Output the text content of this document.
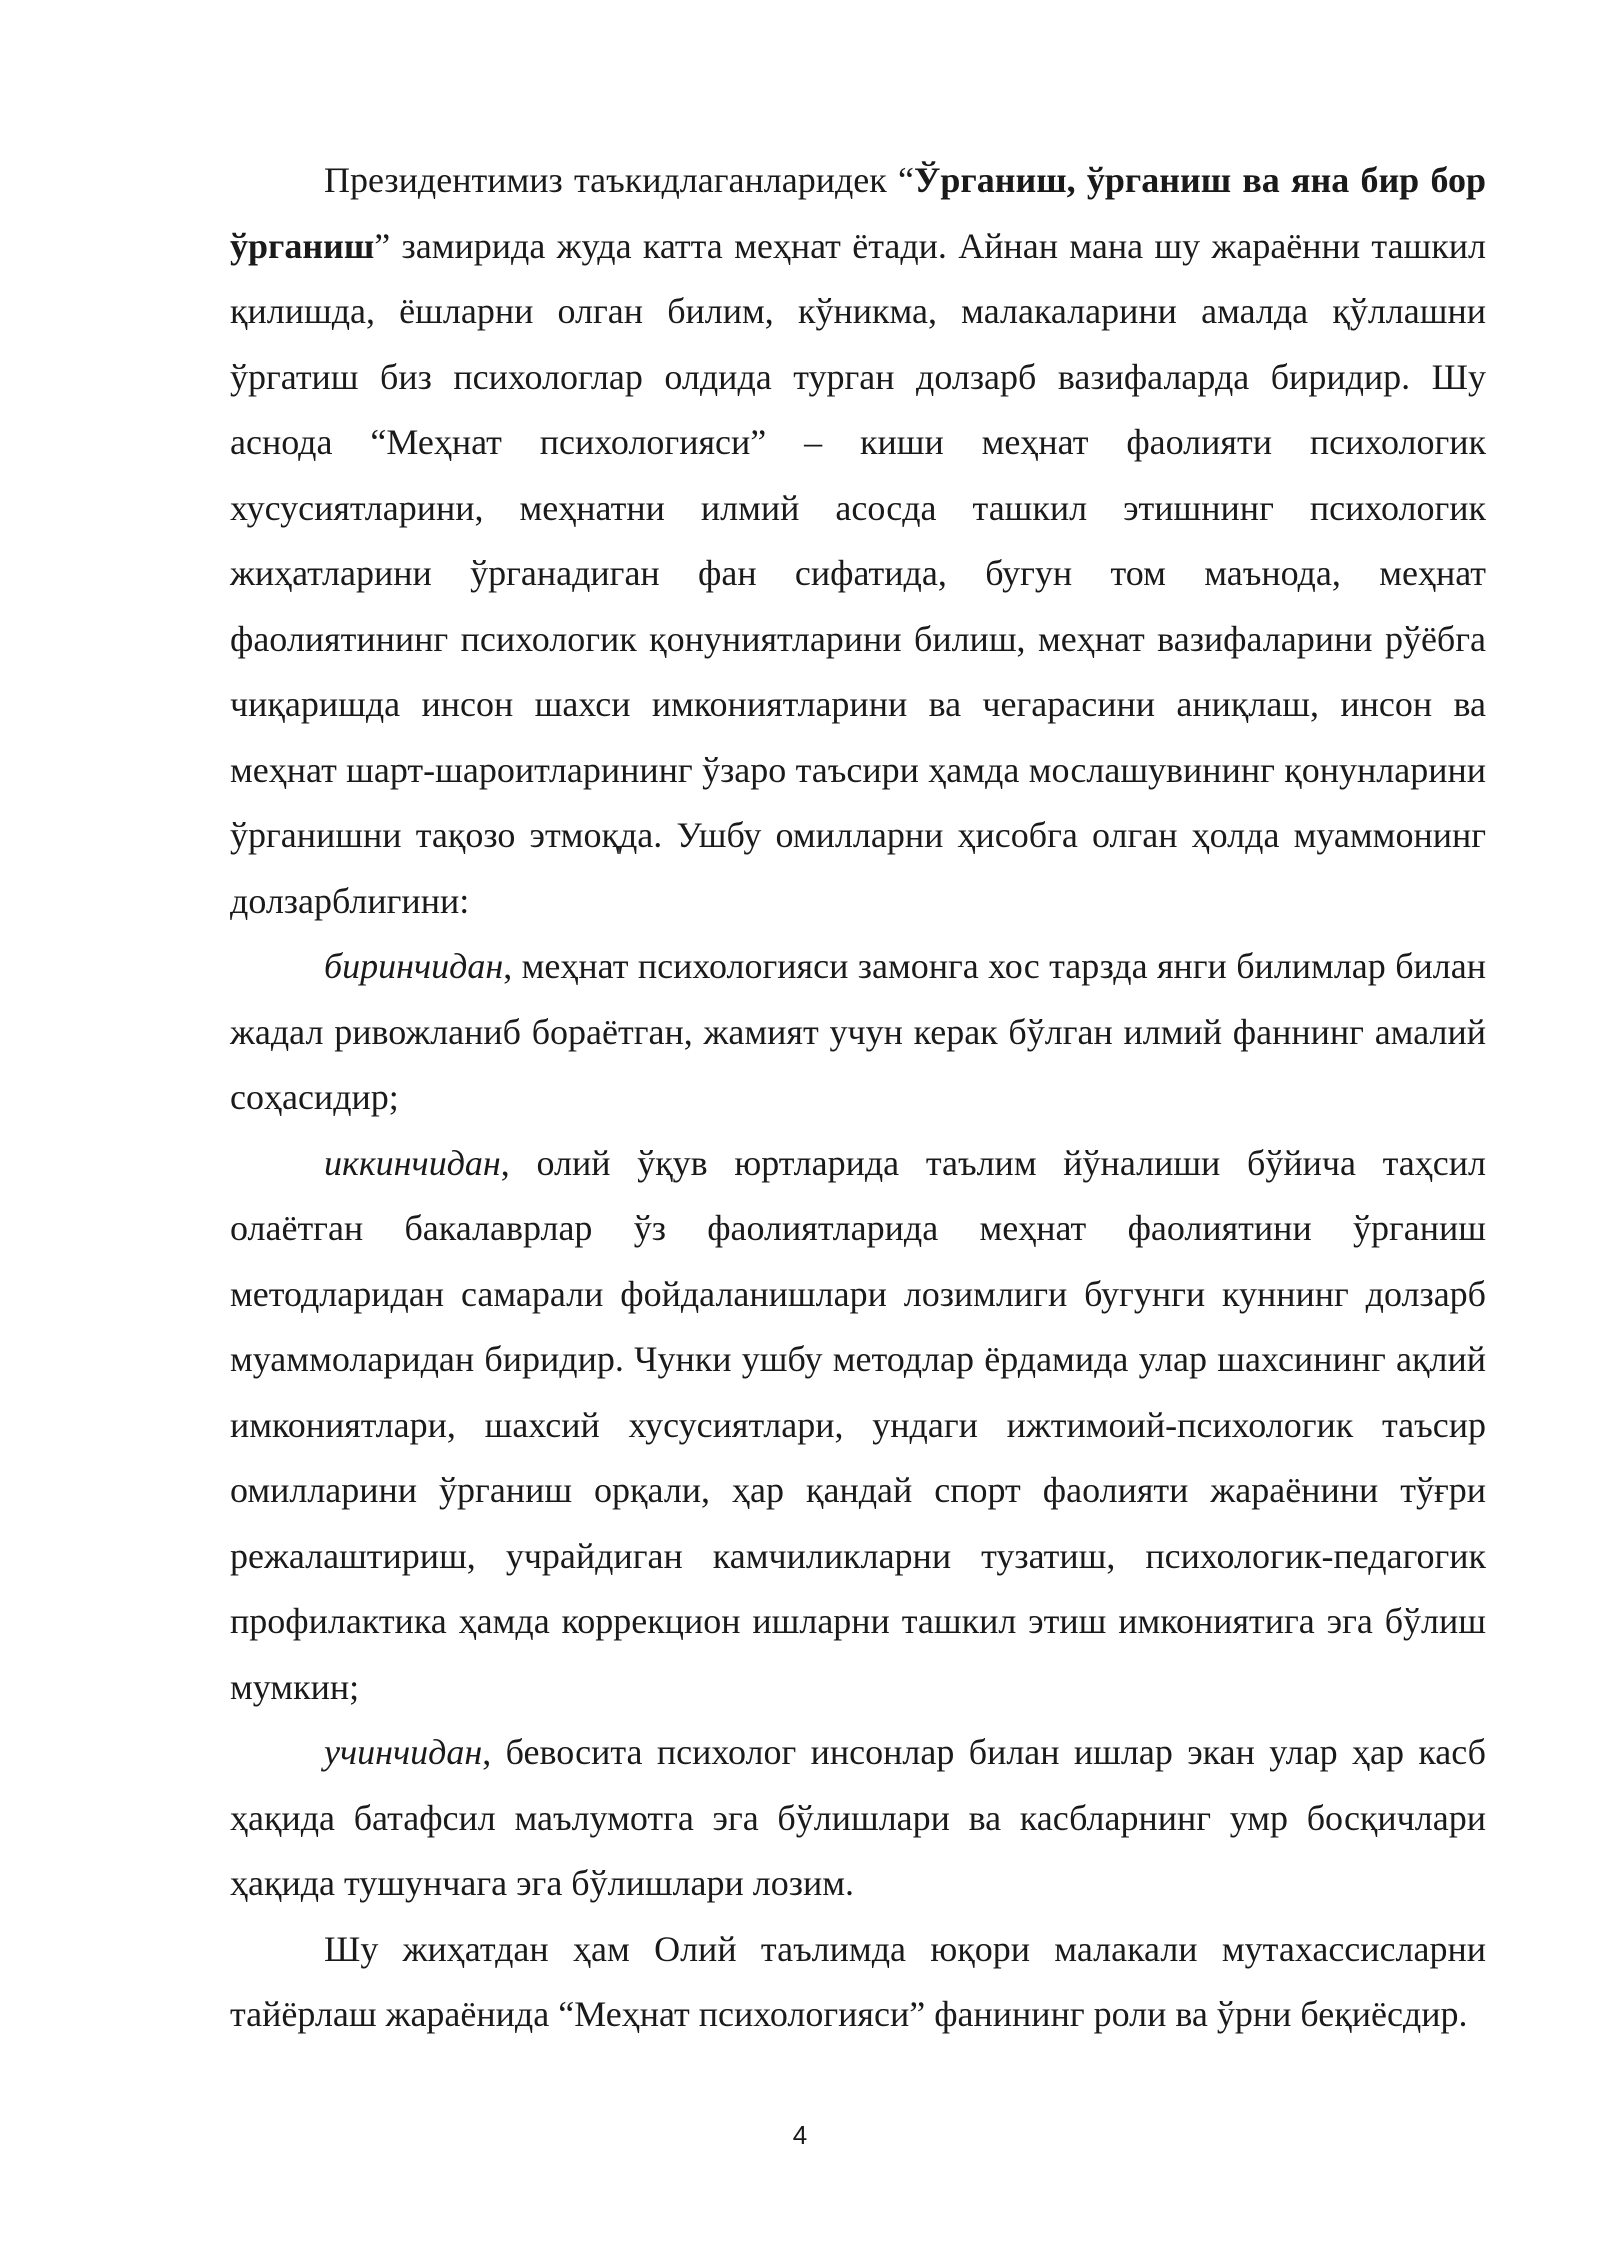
Президентимиз таъкидлаганларидек “Ўрганиш, ўрганиш ва яна бир бор ўрганиш” замирида жуда катта меҳнат ётади. Айнан мана шу жараённи ташкил қилишда, ёшларни олган билим, кўникма, малакаларини амалда қўллашни ўргатиш биз психологлар олдида турган долзарб вазифаларда биридир. Шу аснода “Меҳнат психологияси” – киши меҳнат фаолияти психологик хусусиятларини, меҳнатни илмий асосда ташкил этишнинг психологик жиҳатларини ўрганадиган фан сифатида, бугун том маънода, меҳнат фаолиятининг психологик қонуниятларини билиш, меҳнат вазифаларини рўёбга чиқаришда инсон шахси имкониятларини ва чегарасини аниқлаш, инсон ва меҳнат шарт-шароитларининг ўзаро таъсири ҳамда мослашувининг қонунларини ўрганишни тақозо этмоқда. Ушбу омилларни ҳисобга олган ҳолда муаммонинг долзарблигини:

биринчидан, меҳнат психологияси замонга хос тарзда янги билимлар билан жадал ривожланиб бораётган, жамият учун керак бўлган илмий фаннинг амалий соҳасидир;

иккинчидан, олий ўқув юртларида таълим йўналиши бўйича таҳсил олаётган бакалаврлар ўз фаолиятларида меҳнат фаолиятини ўрганиш методларидан самарали фойдаланишлари лозимлиги бугунги куннинг долзарб муаммоларидан биридир. Чунки ушбу методлар ёрдамида улар шахсининг ақлий имкониятлари, шахсий хусусиятлари, ундаги ижтимоий-психологик таъсир омилларини ўрганиш орқали, ҳар қандай спорт фаолияти жараёнини тўғри режалаштириш, учрайдиган камчиликларни тузатиш, психологик-педагогик профилактика ҳамда коррекцион ишларни ташкил этиш имкониятига эга бўлиш мумкин;

учинчидан, бевосита психолог инсонлар билан ишлар экан улар ҳар касб ҳақида батафсил маълумотга эга бўлишлари ва касбларнинг умр босқичлари ҳақида тушунчага эга бўлишлари лозим.

Шу жиҳатдан ҳам Олий таълимда юқори малакали мутахассисларни тайёрлаш жараёнида “Меҳнат психологияси” фанининг роли ва ўрни беқиёсдир.

4
